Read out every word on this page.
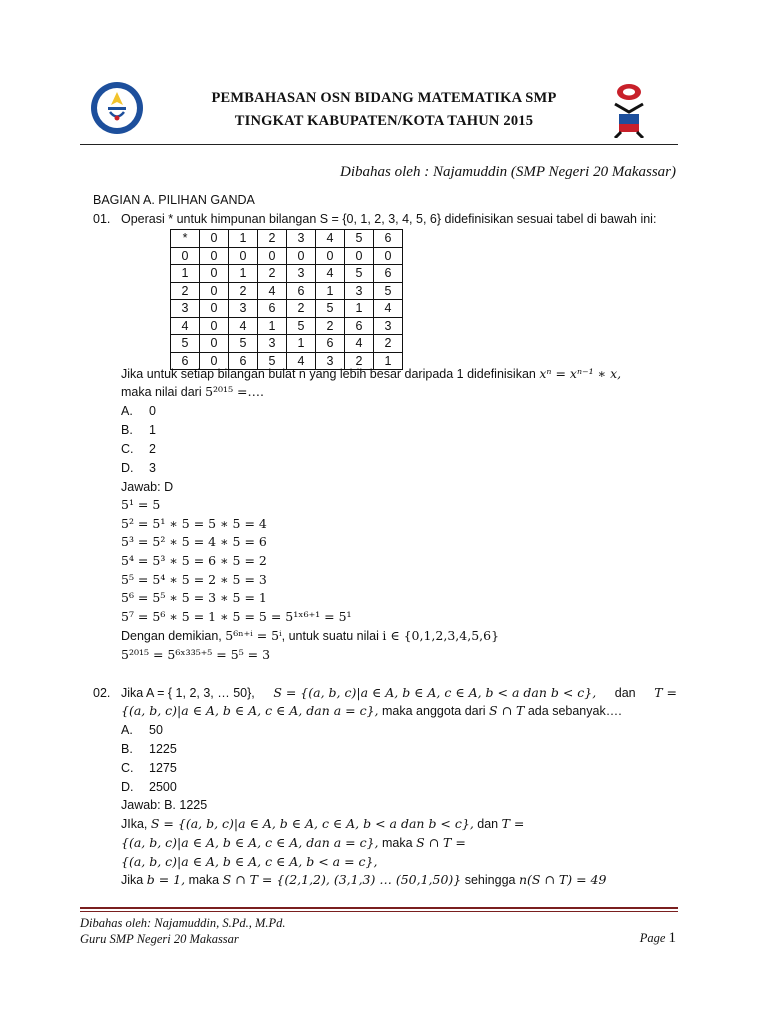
PEMBAHASAN OSN BIDANG MATEMATIKA SMP
TINGKAT KABUPATEN/KOTA TAHUN 2015
Dibahas oleh : Najamuddin (SMP Negeri 20 Makassar)
BAGIAN A. PILIHAN GANDA
01. Operasi * untuk himpunan bilangan S = {0, 1, 2, 3, 4, 5, 6} didefinisikan sesuai tabel di bawah ini:
*	0	1	2	3	4	5	6
0	0	0	0	0	0	0	0
1	0	1	2	3	4	5	6
2	0	2	4	6	1	3	5
3	0	3	6	2	5	1	4
4	0	4	1	5	2	6	3
5	0	5	3	1	6	4	2
6	0	6	5	4	3	2	1
Jika untuk setiap bilangan bulat n yang lebih besar daripada 1 didefinisikan xⁿ = xⁿ⁻¹ ∗ x,
maka nilai dari 5²⁰¹⁵ =….
A. 0
B. 1
C. 2
D. 3
Jawab: D
5¹ = 5
5² = 5¹ ∗ 5 = 5 ∗ 5 = 4
5³ = 5² ∗ 5 = 4 ∗ 5 = 6
5⁴ = 5³ ∗ 5 = 6 ∗ 5 = 2
5⁵ = 5⁴ ∗ 5 = 2 ∗ 5 = 3
5⁶ = 5⁵ ∗ 5 = 3 ∗ 5 = 1
5⁷ = 5⁶ ∗ 5 = 1 ∗ 5 = 5 = 5¹ˣ⁶⁺¹ = 5¹
Dengan demikian, 5⁶ⁿ⁺ⁱ = 5ⁱ, untuk suatu nilai i ∈ {0,1,2,3,4,5,6}
5²⁰¹⁵ = 5⁶ˣ³³⁵⁺⁵ = 5⁵ = 3
02. Jika A = { 1, 2, 3, … 50}, S = {(a, b, c)|a ∈ A, b ∈ A, c ∈ A, b < a dan b < c}, dan T =
{(a, b, c)|a ∈ A, b ∈ A, c ∈ A, dan a = c}, maka anggota dari S ∩ T ada sebanyak….
A. 50
B. 1225
C. 1275
D. 2500
Jawab: B. 1225
JIka, S = {(a, b, c)|a ∈ A, b ∈ A, c ∈ A, b < a dan b < c}, dan T =
{(a, b, c)|a ∈ A, b ∈ A, c ∈ A, dan a = c}, maka S ∩ T =
{(a, b, c)|a ∈ A, b ∈ A, c ∈ A, b < a = c},
Jika b = 1, maka S ∩ T = {(2,1,2), (3,1,3) … (50,1,50)} sehingga n(S ∩ T) = 49
Dibahas oleh: Najamuddin, S.Pd., M.Pd.
Guru SMP Negeri 20 Makassar	Page 1
